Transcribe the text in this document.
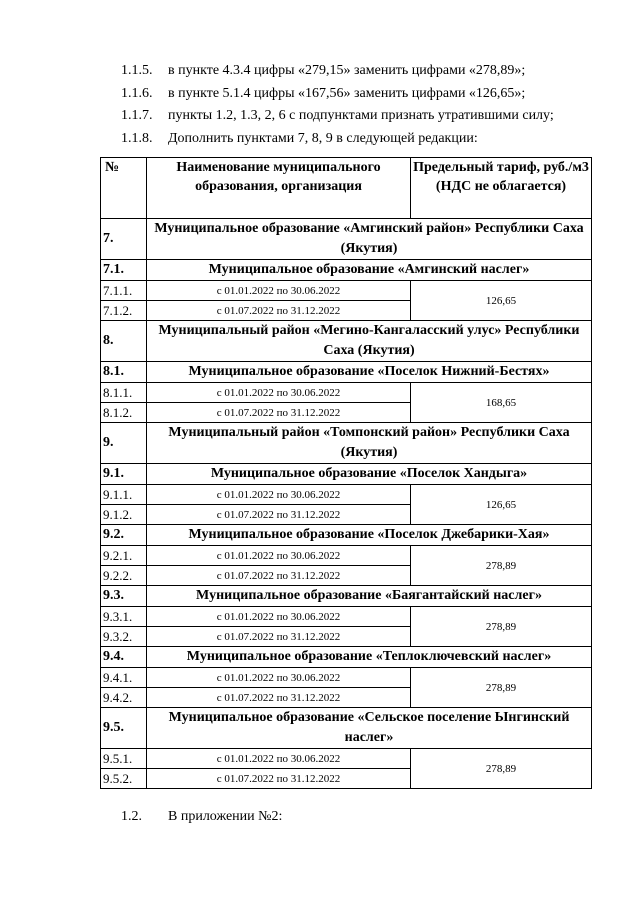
1.1.5.	в пункте 4.3.4 цифры «279,15» заменить цифрами «278,89»;
1.1.6.	в пункте 5.1.4 цифры «167,56» заменить цифрами «126,65»;
1.1.7.	пункты 1.2, 1.3, 2, 6 с подпунктами признать утратившими силу;
1.1.8.	Дополнить пунктами 7, 8, 9 в следующей редакции:
№	Наименование муниципального образования, организация	Предельный тариф, руб./м3 (НДС не облагается)
7.	Муниципальное образование «Амгинский район» Республики Саха (Якутия)	
7.1.	Муниципальное образование «Амгинский наслег»	
7.1.1.	с 01.01.2022 по 30.06.2022	126,65
7.1.2.	с 01.07.2022 по 31.12.2022	
8.	Муниципальный район «Мегино-Кангаласский улус» Республики Саха (Якутия)	
8.1.	Муниципальное образование «Поселок Нижний-Бестях»	
8.1.1.	с 01.01.2022 по 30.06.2022	168,65
8.1.2.	с 01.07.2022 по 31.12.2022	
9.	Муниципальный район «Томпонский район» Республики Саха (Якутия)	
9.1.	Муниципальное образование «Поселок Хандыга»	
9.1.1.	с 01.01.2022 по 30.06.2022	126,65
9.1.2.	с 01.07.2022 по 31.12.2022	
9.2.	Муниципальное образование «Поселок Джебарики-Хая»	
9.2.1.	с 01.01.2022 по 30.06.2022	278,89
9.2.2.	с 01.07.2022 по 31.12.2022	
9.3.	Муниципальное образование «Баягантайский наслег»	
9.3.1.	с 01.01.2022 по 30.06.2022	278,89
9.3.2.	с 01.07.2022 по 31.12.2022	
9.4.	Муниципальное образование «Теплоключевский наслег»	
9.4.1.	с 01.01.2022 по 30.06.2022	278,89
9.4.2.	с 01.07.2022 по 31.12.2022	
9.5.	Муниципальное образование «Сельское поселение Ынгинский наслег»	
9.5.1.	с 01.01.2022 по 30.06.2022	278,89
9.5.2.	с 01.07.2022 по 31.12.2022	
1.2.	В приложении №2:
